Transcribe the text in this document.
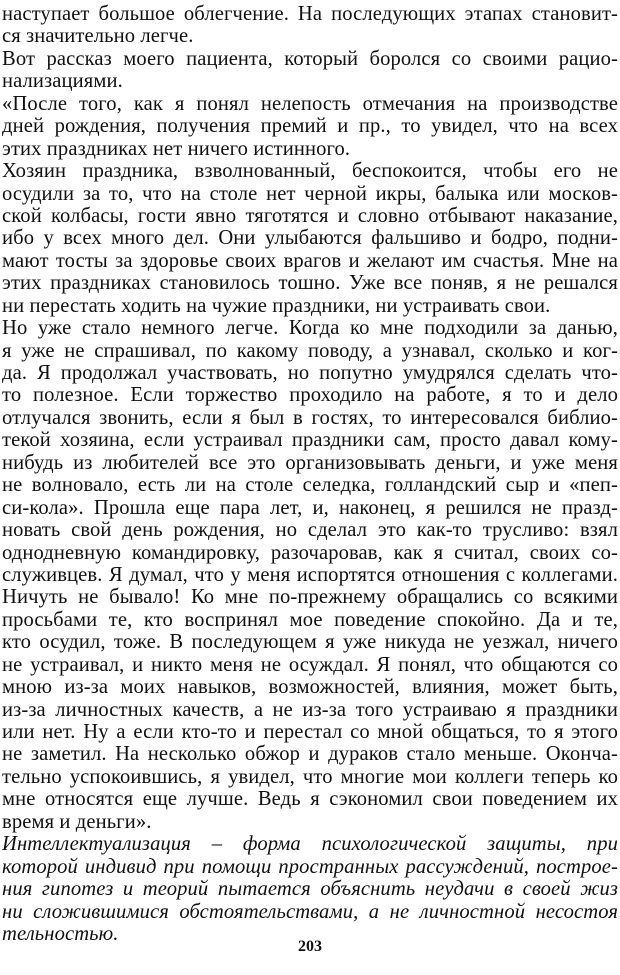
наступает большое облегчение. На последующих этапах становит-
ся значительно легче.
Вот рассказ моего пациента, который боролся со своими рациo-
нализациями.
«После того, как я понял нелепость отмечания на производстве
дней рождения, получения премий и пр., то увидел, что на всех
этих праздниках нет ничего истинного.
Хозяин праздника, взволнованный, беспокоится, чтобы его не
осудили за то, что на столе нет черной икры, балыка или москов-
ской колбасы, гости явно тяготятся и словно отбывают наказание,
ибо у всех много дел. Они улыбаются фальшиво и бодро, подни-
мают тосты за здоровье своих врагов и желают им счастья. Мне на
этих праздниках становилось тошно. Уже все поняв, я не решался
ни перестать ходить на чужие праздники, ни устраивать свои.
Но уже стало немного легче. Когда ко мне подходили за данью,
я уже не спрашивал, по какому поводу, а узнавал, сколько и ког-
да. Я продолжал участвовать, но попутно умудрялся сделать что-
то полезное. Если торжество проходило на работе, я то и дело
отлучался звонить, если я был в гостях, то интересовался библио-
текой хозяина, если устраивал праздники сам, просто давал кому-
нибудь из любителей все это организовывать деньги, и уже меня
не волновало, есть ли на столе селедка, голландский сыр и «пеп-
си-кола». Прошла еще пара лет, и, наконец, я решился не празд-
новать свой день рождения, но сделал это как-то трусливо: взял
однодневную командировку, разочаровав, как я считал, своих со-
служивцев. Я думал, что у меня испортятся отношения с коллегами.
Ничуть не бывало! Ко мне по-прежнему обращались со всякими
просьбами те, кто воспринял мое поведение спокойно. Да и те,
кто осудил, тоже. В последующем я уже никуда не уезжал, ничего
не устраивал, и никто меня не осуждал. Я понял, что общаются со
мною из-за моих навыков, возможностей, влияния, может быть,
из-за личностных качеств, а не из-за того устраиваю я праздники
или нет. Ну а если кто-то и перестал со мной общаться, то я этого
не заметил. На несколько обжор и дураков стало меньше. Оконча-
тельно успокоившись, я увидел, что многие мои коллеги теперь ко
мне относятся еще лучше. Ведь я сэкономил свои поведением их
время и деньги».
Интеллектуализация – форма психологической защиты, при
которой индивид при помощи пространных рассуждений, построе-
ния гипотез и теорий пытается объяснить неудачи в своей жиз
ни сложившимися обстоятельствами, а не личностной несостоя
тельностью.
203
